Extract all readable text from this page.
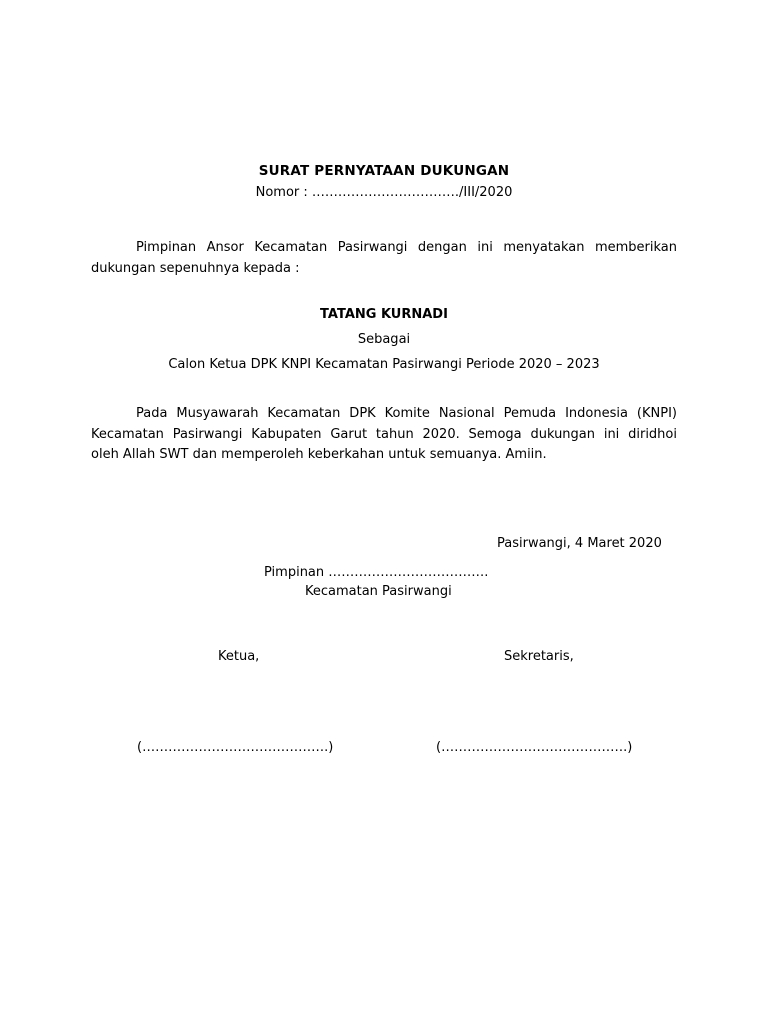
SURAT PERNYATAAN DUKUNGAN
Nomor : ……………………………./III/2020
Pimpinan Ansor Kecamatan Pasirwangi dengan ini menyatakan memberikan
dukungan sepenuhnya kepada :
TATANG KURNADI
Sebagai
Calon Ketua DPK KNPI Kecamatan Pasirwangi Periode 2020 – 2023
Pada Musyawarah Kecamatan DPK Komite Nasional Pemuda Indonesia (KNPI)
Kecamatan Pasirwangi Kabupaten Garut tahun 2020. Semoga dukungan ini diridhoi
oleh Allah SWT dan memperoleh keberkahan untuk semuanya. Amiin.
Pasirwangi, 4 Maret 2020
Pimpinan ……………………………….
Kecamatan Pasirwangi
Ketua,	Sekretaris,
(…………………………………….)	(…………………………………….)
